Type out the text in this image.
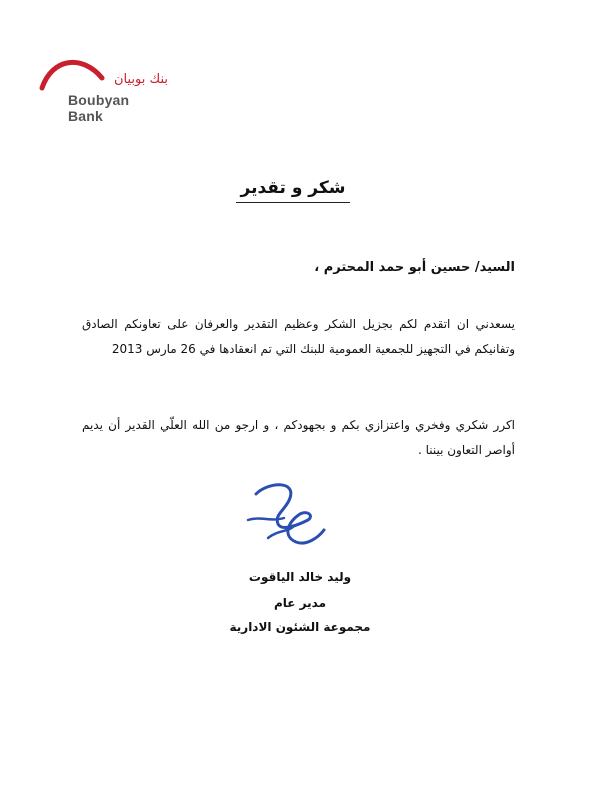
بنك بوبيان
Boubyan Bank
شكر و تقدير
السيد/ حسين أبو حمد المحترم ،
يسعدني ان اتقدم لكم بجزيل الشكر وعظيم التقدير والعرفان على تعاونكم الصادق وتفانيكم في التجهيز للجمعية العمومية للبنك التي تم انعقادها في 26 مارس 2013
اكرر شكري وفخري واعتزازي بكم و بجهودكم ، و ارجو من الله العلّي القدير أن يديم أواصر التعاون بيننا .
وليد خالد الياقوت
مدير عام
مجموعة الشئون الادارية
